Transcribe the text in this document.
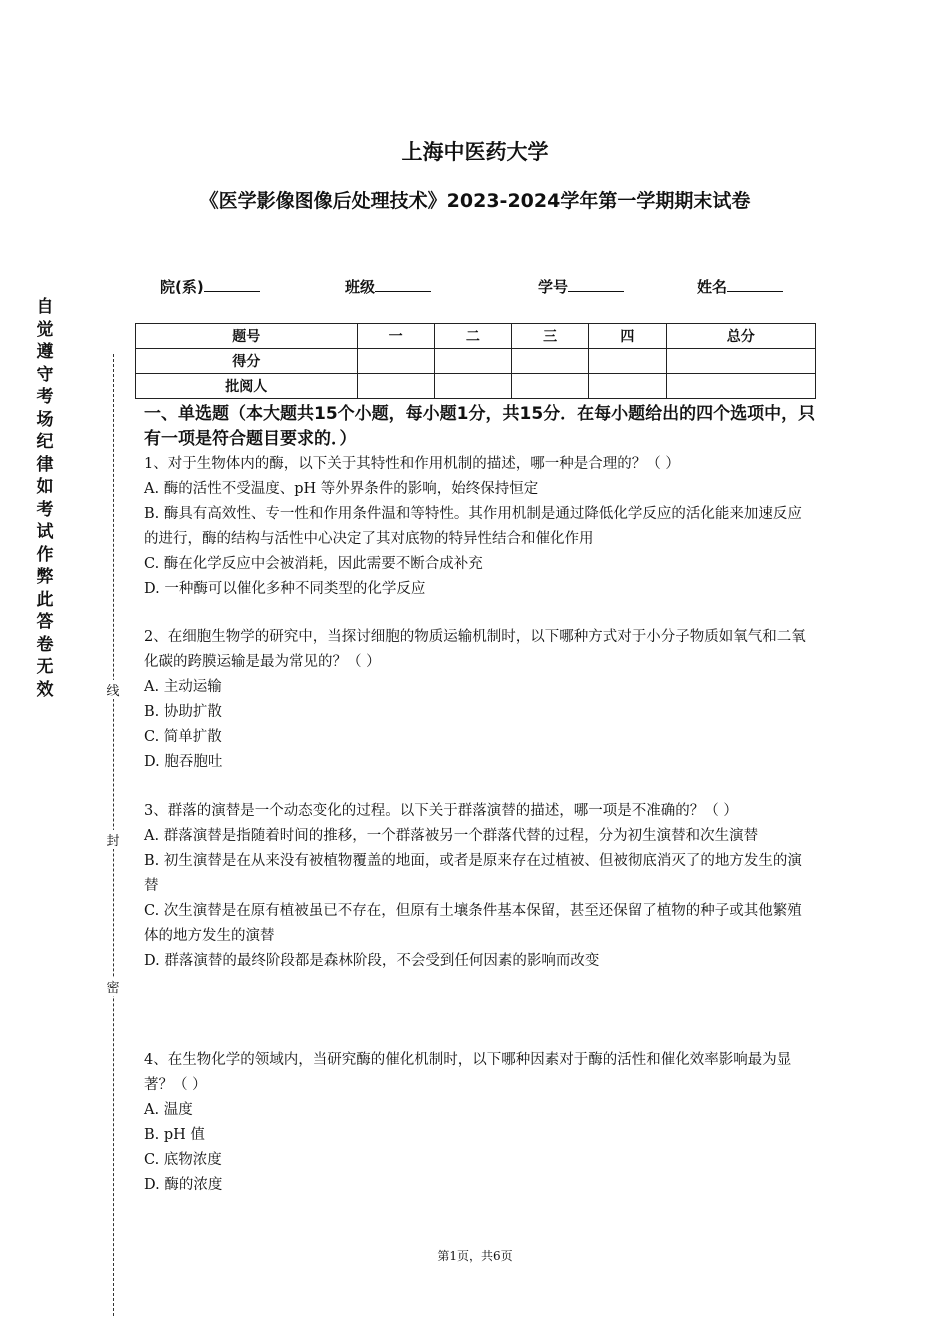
上海中医药大学
《医学影像图像后处理技术》2023-2024学年第一学期期末试卷
院(系)	班级	学号	姓名
自觉遵守考场纪律如考试作弊此答卷无效	线
封
密
题号	一	二	三	四	总分
得分					
批阅人					
一、单选题（本大题共15个小题，每小题1分，共15分．在每小题给出的四个选项中，只有一项是符合题目要求的．）

1、对于生物体内的酶，以下关于其特性和作用机制的描述，哪一种是合理的？（ ）

A. 酶的活性不受温度、pH 等外界条件的影响，始终保持恒定

B. 酶具有高效性、专一性和作用条件温和等特性。其作用机制是通过降低化学反应的活化能来加速反应的进行，酶的结构与活性中心决定了其对底物的特异性结合和催化作用

C. 酶在化学反应中会被消耗，因此需要不断合成补充

D. 一种酶可以催化多种不同类型的化学反应

2、在细胞生物学的研究中，当探讨细胞的物质运输机制时，以下哪种方式对于小分子物质如氧气和二氧化碳的跨膜运输是最为常见的？（ ）

A. 主动运输

B. 协助扩散

C. 简单扩散

D. 胞吞胞吐

3、群落的演替是一个动态变化的过程。以下关于群落演替的描述，哪一项是不准确的？（ ）

A. 群落演替是指随着时间的推移，一个群落被另一个群落代替的过程，分为初生演替和次生演替

B. 初生演替是在从来没有被植物覆盖的地面，或者是原来存在过植被、但被彻底消灭了的地方发生的演替

C. 次生演替是在原有植被虽已不存在，但原有土壤条件基本保留，甚至还保留了植物的种子或其他繁殖体的地方发生的演替

D. 群落演替的最终阶段都是森林阶段，不会受到任何因素的影响而改变

4、在生物化学的领域内，当研究酶的催化机制时，以下哪种因素对于酶的活性和催化效率影响最为显著？（ ）

A. 温度

B. pH 值

C. 底物浓度

D. 酶的浓度

第1页，共6页
